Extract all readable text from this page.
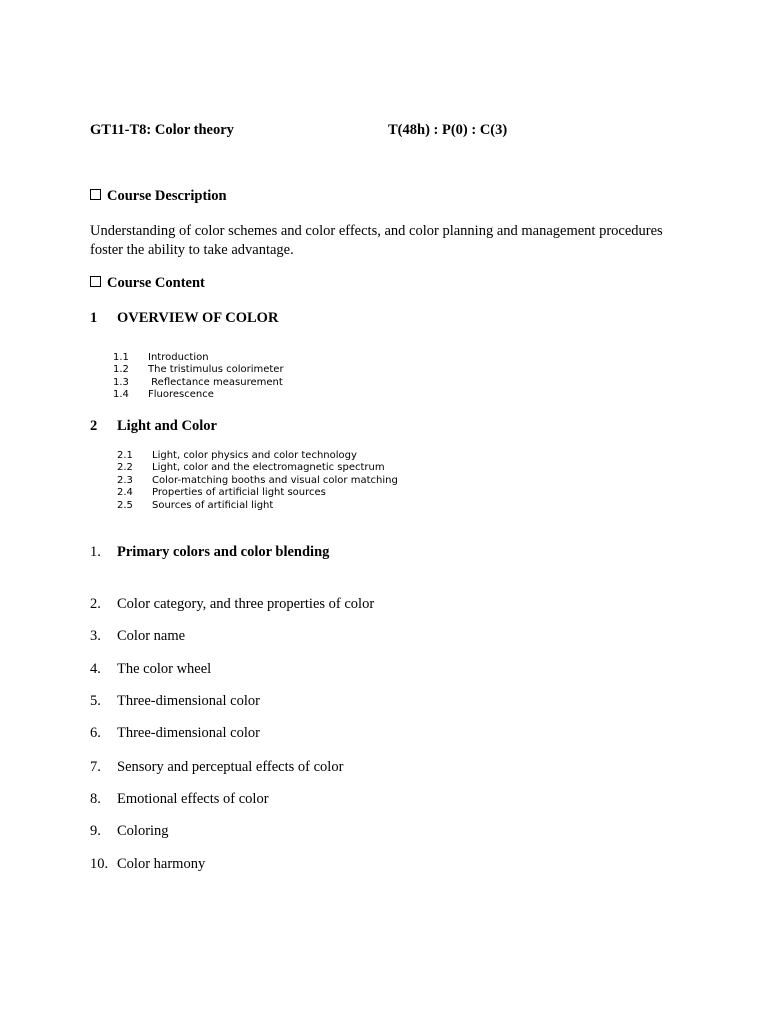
GT11-T8: Color theory	T(48h) : P(0) : C(3)
Course Description
Understanding of color schemes and color effects, and color planning and management procedures foster the ability to take advantage.
Course Content
1 OVERVIEW OF COLOR
1.1 Introduction
1.2 The tristimulus colorimeter
1.3 Reflectance measurement
1.4 Fluorescence
2 Light and Color
2.1 Light, color physics and color technology
2.2 Light, color and the electromagnetic spectrum
2.3 Color-matching booths and visual color matching
2.4 Properties of artificial light sources
2.5 Sources of artificial light
1. Primary colors and color blending
2. Color category, and three properties of color
3. Color name
4. The color wheel
5. Three-dimensional color
6. Three-dimensional color
7. Sensory and perceptual effects of color
8. Emotional effects of color
9. Coloring
10. Color harmony
